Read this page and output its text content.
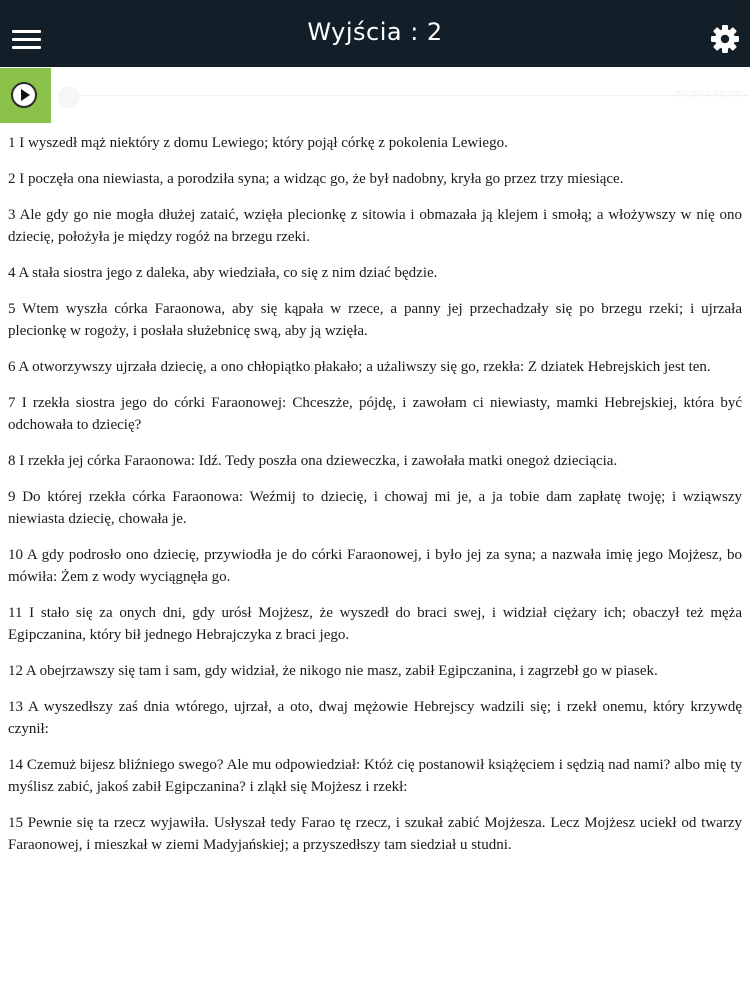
Wyjścia : 2
00:00 / 00:00

1 I wyszedł mąż niektóry z domu Lewiego; który pojął córkę z pokolenia Lewiego.

2 I poczęła ona niewiasta, a porodziła syna; a widząc go, że był nadobny, kryła go przez trzy miesiące.

3 Ale gdy go nie mogła dłużej zataić, wzięła plecionkę z sitowia i obmazała ją klejem i smołą; a włożywszy w nię ono dziecię, położyła je między rogóż na brzegu rzeki.

4 A stała siostra jego z daleka, aby wiedziała, co się z nim dziać będzie.

5 Wtem wyszła córka Faraonowa, aby się kąpała w rzece, a panny jej przechadzały się po brzegu rzeki; i ujrzała plecionkę w rogoży, i posłała służebnicę swą, aby ją wzięła.

6 A otworzywszy ujrzała dziecię, a ono chłopiątko płakało; a użaliwszy się go, rzekła: Z dziatek Hebrejskich jest ten.

7 I rzekła siostra jego do córki Faraonowej: Chceszże, pójdę, i zawołam ci niewiasty, mamki Hebrejskiej, która być odchowała to dziecię?

8 I rzekła jej córka Faraonowa: Idź. Tedy poszła ona dzieweczka, i zawołała matki onegoż dzieciącia.

9 Do której rzekła córka Faraonowa: Weźmij to dziecię, i chowaj mi je, a ja tobie dam zapłatę twoję; i wziąwszy niewiasta dziecię, chowała je.

10 A gdy podrosło ono dziecię, przywiodła je do córki Faraonowej, i było jej za syna; a nazwała imię jego Mojżesz, bo mówiła: Żem z wody wyciągnęła go.

11 I stało się za onych dni, gdy urósł Mojżesz, że wyszedł do braci swej, i widział ciężary ich; obaczył też męża Egipczanina, który bił jednego Hebrajczyka z braci jego.

12 A obejrzawszy się tam i sam, gdy widział, że nikogo nie masz, zabił Egipczanina, i zagrzebł go w piasek.

13 A wyszedłszy zaś dnia wtórego, ujrzał, a oto, dwaj mężowie Hebrejscy wadzili się; i rzekł onemu, który krzywdę czynił:

14 Czemuż bijesz bliźniego swego? Ale mu odpowiedział: Któż cię postanowił książęciem i sędzią nad nami? albo mię ty myślisz zabić, jakoś zabił Egipczanina? i zląkł się Mojżesz i rzekł:

15 Pewnie się ta rzecz wyjawiła. Usłyszał tedy Farao tę rzecz, i szukał zabić Mojżesza. Lecz Mojżesz uciekł od twarzy Faraonowej, i mieszkał w ziemi Madyjańskiej; a przyszedłszy tam siedział u studni.
